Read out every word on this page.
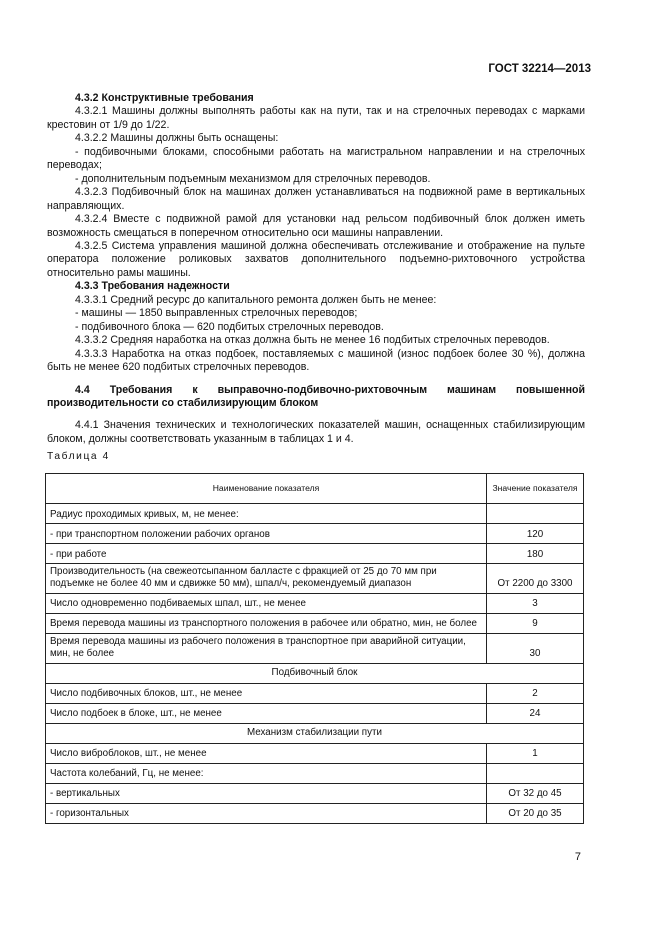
ГОСТ 32214—2013

4.3.2 Конструктивные требования

4.3.2.1 Машины должны выполнять работы как на пути, так и на стрелочных переводах с марками крестовин от 1/9 до 1/22.

4.3.2.2 Машины должны быть оснащены:

- подбивочными блоками, способными работать на магистральном направлении и на стрелочных переводах;

- дополнительным подъемным механизмом для стрелочных переводов.

4.3.2.3 Подбивочный блок на машинах должен устанавливаться на подвижной раме в вертикальных направляющих.

4.3.2.4 Вместе с подвижной рамой для установки над рельсом подбивочный блок должен иметь возможность смещаться в поперечном относительно оси машины направлении.

4.3.2.5 Система управления машиной должна обеспечивать отслеживание и отображение на пульте оператора положение роликовых захватов дополнительного подъемно-рихтовочного устройства относительно рамы машины.

4.3.3 Требования надежности

4.3.3.1 Средний ресурс до капитального ремонта должен быть не менее:

- машины — 1850 выправленных стрелочных переводов;

- подбивочного блока — 620 подбитых стрелочных переводов.

4.3.3.2 Средняя наработка на отказ должна быть не менее 16 подбитых стрелочных переводов.

4.3.3.3 Наработка на отказ подбоек, поставляемых с машиной (износ подбоек более 30 %), должна быть не менее 620 подбитых стрелочных переводов.

4.4 Требования к выправочно-подбивочно-рихтовочным машинам повышенной производительности со стабилизирующим блоком

4.4.1 Значения технических и технологических показателей машин, оснащенных стабилизирующим блоком, должны соответствовать указанным в таблицах 1 и 4.

Таблица 4
Наименование показателя	Значение показателя
Радиус проходимых кривых, м, не менее:	
- при транспортном положении рабочих органов	120
- при работе	180
Производительность (на свежеотсыпанном балласте с фракцией от 25 до 70 мм при подъемке не более 40 мм и сдвижке 50 мм), шпал/ч, рекомендуемый диапазон	От 2200 до 3300
Число одновременно подбиваемых шпал, шт., не менее	3
Время перевода машины из транспортного положения в рабочее или обратно, мин, не более	9
Время перевода машины из рабочего положения в транспортное при аварийной ситуации, мин, не более	30
Подбивочный блок	
Число подбивочных блоков, шт., не менее	2
Число подбоек в блоке, шт., не менее	24
Механизм стабилизации пути	
Число виброблоков, шт., не менее	1
Частота колебаний, Гц, не менее:	
- вертикальных	От 32 до 45
- горизонтальных	От 20 до 35
7
